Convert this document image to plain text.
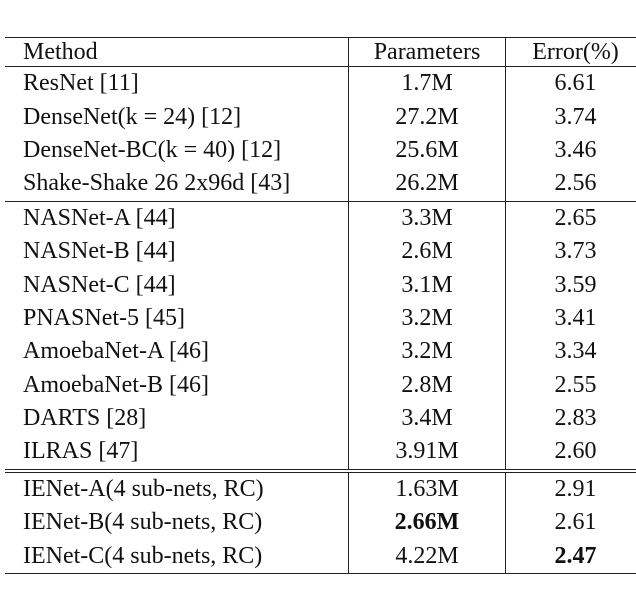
Method	Parameters	Error(%)
ResNet [11]	1.7M	6.61
DenseNet(k = 24) [12]	27.2M	3.74
DenseNet-BC(k = 40) [12]	25.6M	3.46
Shake-Shake 26 2x96d [43]	26.2M	2.56
NASNet-A [44]	3.3M	2.65
NASNet-B [44]	2.6M	3.73
NASNet-C [44]	3.1M	3.59
PNASNet-5 [45]	3.2M	3.41
AmoebaNet-A [46]	3.2M	3.34
AmoebaNet-B [46]	2.8M	2.55
DARTS [28]	3.4M	2.83
ILRAS [47]	3.91M	2.60
IENet-A(4 sub-nets, RC)	1.63M	2.91
IENet-B(4 sub-nets, RC)	2.66M	2.61
IENet-C(4 sub-nets, RC)	4.22M	2.47
